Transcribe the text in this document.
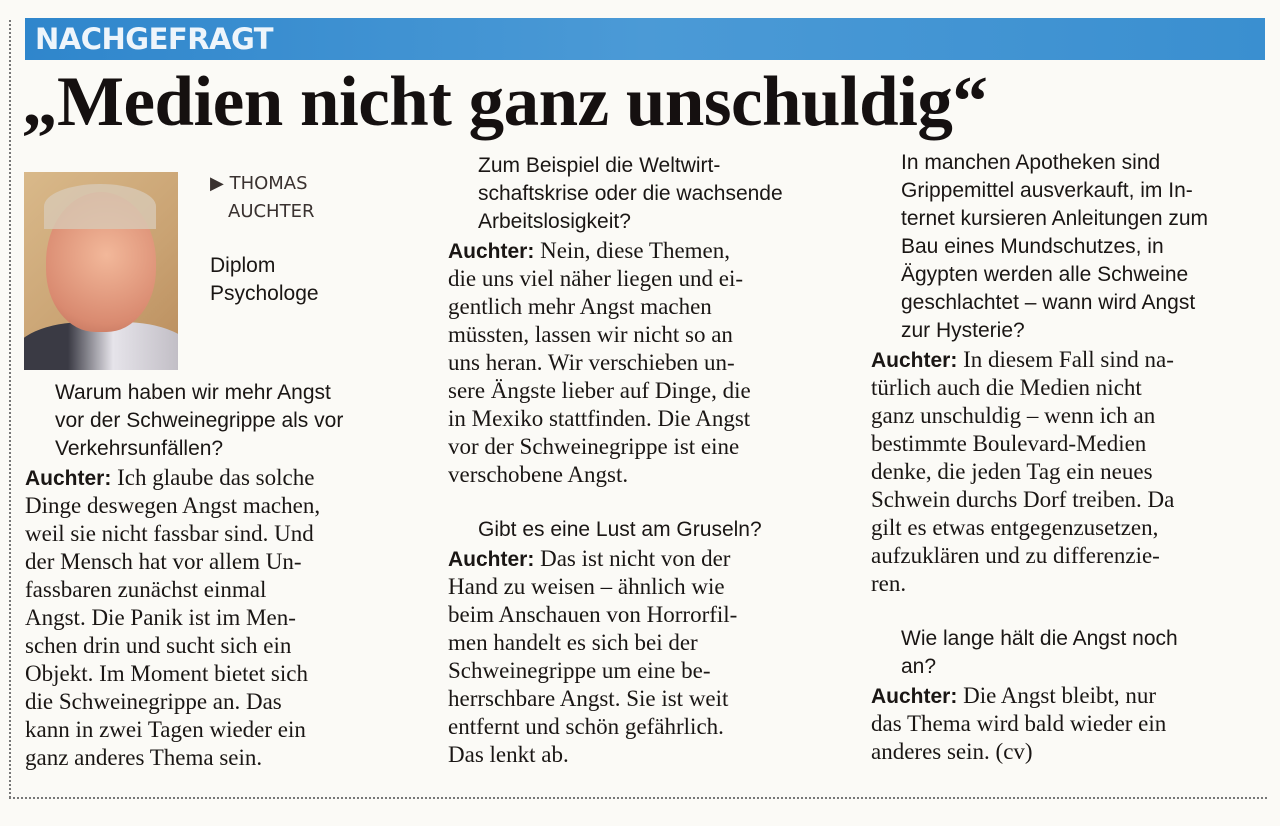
NACHGEFRAGT
„Medien nicht ganz unschuldig“
▶ THOMAS
AUCHTER
Diplom
Psychologe
Warum haben wir mehr Angst
vor der Schweinegrippe als vor
Verkehrsunfällen?
Auchter: Ich glaube das solche
Dinge deswegen Angst machen,
weil sie nicht fassbar sind. Und
der Mensch hat vor allem Un-
fassbaren zunächst einmal
Angst. Die Panik ist im Men-
schen drin und sucht sich ein
Objekt. Im Moment bietet sich
die Schweinegrippe an. Das
kann in zwei Tagen wieder ein
ganz anderes Thema sein.
Zum Beispiel die Weltwirt-
schaftskrise oder die wachsende
Arbeitslosigkeit?
Auchter: Nein, diese Themen,
die uns viel näher liegen und ei-
gentlich mehr Angst machen
müssten, lassen wir nicht so an
uns heran. Wir verschieben un-
sere Ängste lieber auf Dinge, die
in Mexiko stattfinden. Die Angst
vor der Schweinegrippe ist eine
verschobene Angst.
Gibt es eine Lust am Gruseln?
Auchter: Das ist nicht von der
Hand zu weisen – ähnlich wie
beim Anschauen von Horrorfil-
men handelt es sich bei der
Schweinegrippe um eine be-
herrschbare Angst. Sie ist weit
entfernt und schön gefährlich.
Das lenkt ab.
In manchen Apotheken sind
Grippemittel ausverkauft, im In-
ternet kursieren Anleitungen zum
Bau eines Mundschutzes, in
Ägypten werden alle Schweine
geschlachtet – wann wird Angst
zur Hysterie?
Auchter: In diesem Fall sind na-
türlich auch die Medien nicht
ganz unschuldig – wenn ich an
bestimmte Boulevard-Medien
denke, die jeden Tag ein neues
Schwein durchs Dorf treiben. Da
gilt es etwas entgegenzusetzen,
aufzuklären und zu differenzie-
ren.
Wie lange hält die Angst noch
an?
Auchter: Die Angst bleibt, nur
das Thema wird bald wieder ein
anderes sein. (cv)
